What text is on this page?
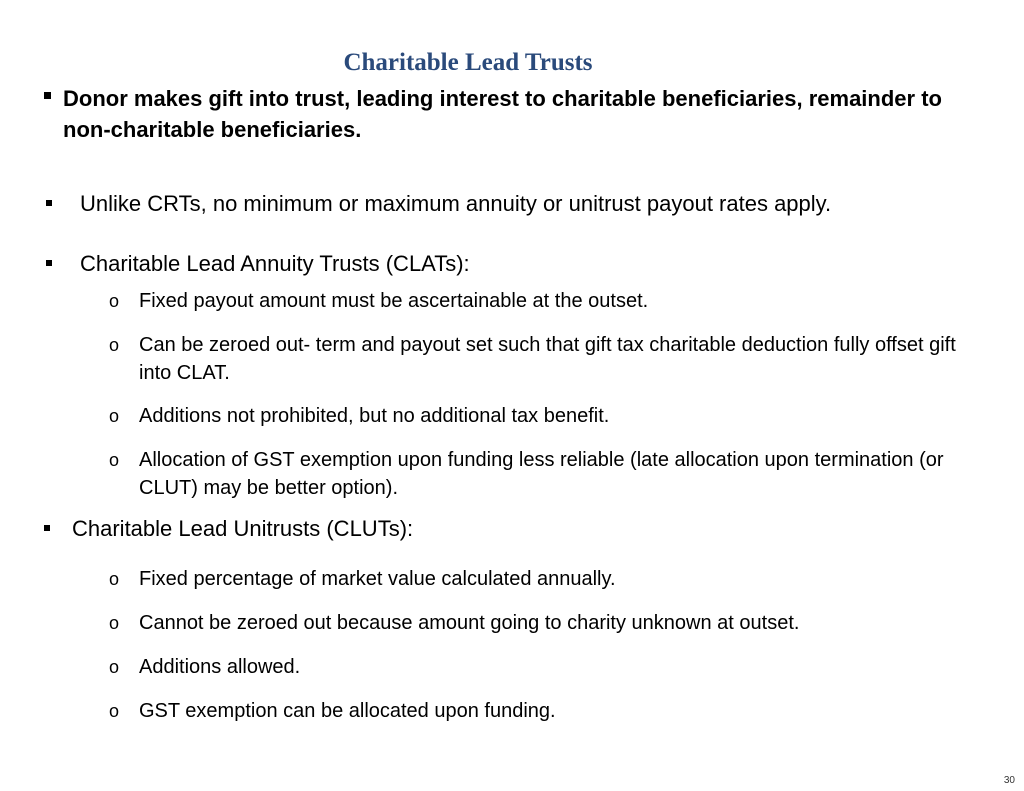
Charitable Lead Trusts
Donor makes gift into trust, leading interest to charitable beneficiaries, remainder to non-charitable beneficiaries.
Unlike CRTs, no minimum or maximum annuity or unitrust payout rates apply.
Charitable Lead Annuity Trusts (CLATs):
o Fixed payout amount must be ascertainable at the outset.
o Can be zeroed out- term and payout set such that gift tax charitable deduction fully offset gift into CLAT.
o Additions not prohibited, but no additional tax benefit.
o Allocation of GST exemption upon funding less reliable (late allocation upon termination (or CLUT) may be better option).
Charitable Lead Unitrusts (CLUTs):
o Fixed percentage of market value calculated annually.
o Cannot be zeroed out because amount going to charity unknown at outset.
o Additions allowed.
o GST exemption can be allocated upon funding.
30
